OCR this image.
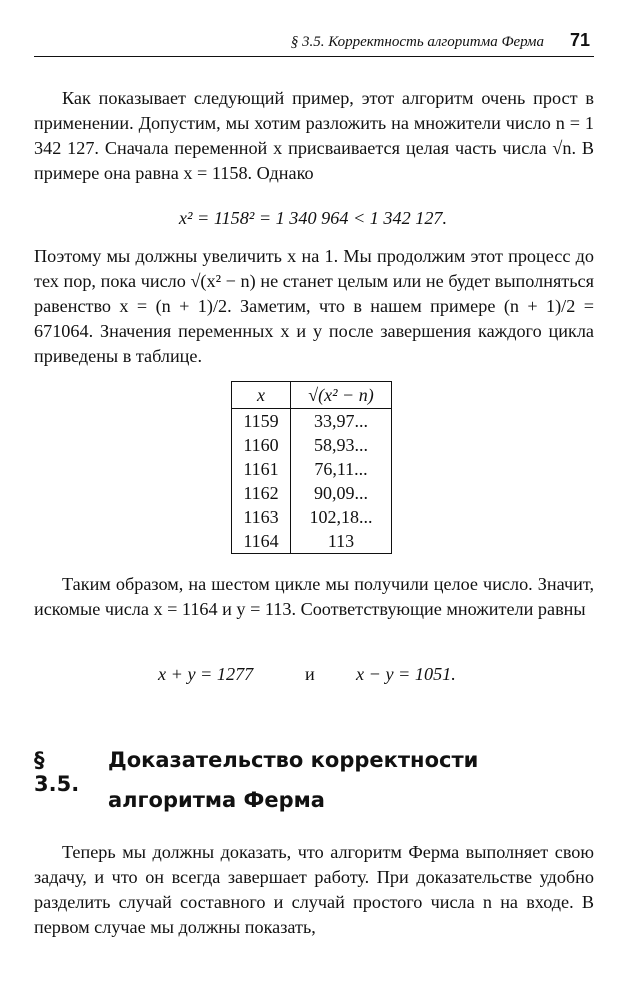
§ 3.5. Корректность алгоритма Ферма 71

Как показывает следующий пример, этот алгоритм очень прост в применении. Допустим, мы хотим разложить на множители число n = 1 342 127. Сначала переменной x присваивается целая часть числа √n. В примере она равна x = 1158. Однако

x² = 1158² = 1 340 964 < 1 342 127.

Поэтому мы должны увеличить x на 1. Мы продолжим этот процесс до тех пор, пока число √(x² − n) не станет целым или не будет выполняться равенство x = (n + 1)/2. Заметим, что в нашем примере (n + 1)/2 = 671064. Значения переменных x и y после завершения каждого цикла приведены в таблице.

x	√(x² − n)
1159	33,97...
1160	58,93...
1161	76,11...
1162	90,09...
1163	102,18...
1164	113

Таким образом, на шестом цикле мы получили целое число. Значит, искомые числа x = 1164 и y = 113. Соответствующие множители равны

x + y = 1277	и x − y = 1051.
§ 3.5.
Доказательство корректности
алгоритма Ферма

Теперь мы должны доказать, что алгоритм Ферма выполняет свою задачу, и что он всегда завершает работу. При доказательстве удобно разделить случай составного и случай простого числа n на входе. В первом случае мы должны показать,
